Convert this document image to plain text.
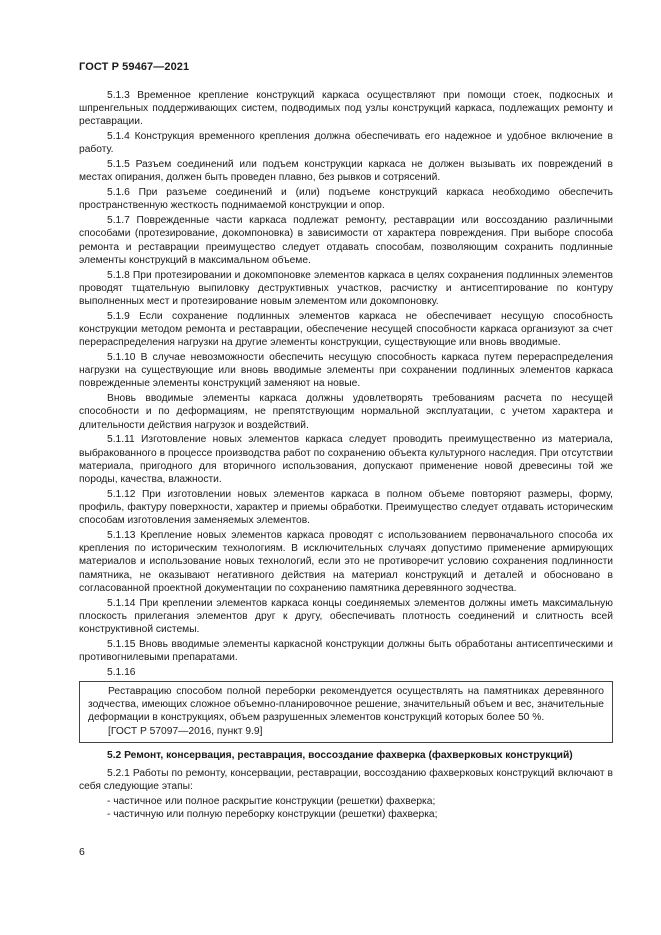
ГОСТ Р 59467—2021

5.1.3 Временное крепление конструкций каркаса осуществляют при помощи стоек, подкосных и шпренгельных поддерживающих систем, подводимых под узлы конструкций каркаса, подлежащих ремонту и реставрации.

5.1.4 Конструкция временного крепления должна обеспечивать его надежное и удобное включение в работу.

5.1.5 Разъем соединений или подъем конструкции каркаса не должен вызывать их повреждений в местах опирания, должен быть проведен плавно, без рывков и сотрясений.

5.1.6 При разъеме соединений и (или) подъеме конструкций каркаса необходимо обеспечить пространственную жесткость поднимаемой конструкции и опор.

5.1.7 Поврежденные части каркаса подлежат ремонту, реставрации или воссозданию различными способами (протезирование, докомпоновка) в зависимости от характера повреждения. При выборе способа ремонта и реставрации преимущество следует отдавать способам, позволяющим сохранить подлинные элементы конструкций в максимальном объеме.

5.1.8 При протезировании и докомпоновке элементов каркаса в целях сохранения подлинных элементов проводят тщательную выпиловку деструктивных участков, расчистку и антисептирование по контуру выполненных мест и протезирование новым элементом или докомпоновку.

5.1.9 Если сохранение подлинных элементов каркаса не обеспечивает несущую способность конструкции методом ремонта и реставрации, обеспечение несущей способности каркаса организуют за счет перераспределения нагрузки на другие элементы конструкции, существующие или вновь вводимые.

5.1.10 В случае невозможности обеспечить несущую способность каркаса путем перераспределения нагрузки на существующие или вновь вводимые элементы при сохранении подлинных элементов каркаса поврежденные элементы конструкций заменяют на новые.

Вновь вводимые элементы каркаса должны удовлетворять требованиям расчета по несущей способности и по деформациям, не препятствующим нормальной эксплуатации, с учетом характера и длительности действия нагрузок и воздействий.

5.1.11 Изготовление новых элементов каркаса следует проводить преимущественно из материала, выбракованного в процессе производства работ по сохранению объекта культурного наследия. При отсутствии материала, пригодного для вторичного использования, допускают применение новой древесины той же породы, качества, влажности.

5.1.12 При изготовлении новых элементов каркаса в полном объеме повторяют размеры, форму, профиль, фактуру поверхности, характер и приемы обработки. Преимущество следует отдавать историческим способам изготовления заменяемых элементов.

5.1.13 Крепление новых элементов каркаса проводят с использованием первоначального способа их крепления по историческим технологиям. В исключительных случаях допустимо применение армирующих материалов и использование новых технологий, если это не противоречит условию сохранения подлинности памятника, не оказывают негативного действия на материал конструкций и деталей и обосновано в согласованной проектной документации по сохранению памятника деревянного зодчества.

5.1.14 При креплении элементов каркаса концы соединяемых элементов должны иметь максимальную плоскость прилегания элементов друг к другу, обеспечивать плотность соединений и слитность всей конструктивной системы.

5.1.15 Вновь вводимые элементы каркасной конструкции должны быть обработаны антисептическими и противогнилевыми препаратами.

5.1.16

Реставрацию способом полной переборки рекомендуется осуществлять на памятниках деревянного зодчества, имеющих сложное объемно-планировочное решение, значительный объем и вес, значительные деформации в конструкциях, объем разрушенных элементов конструкций которых более 50 %.

[ГОСТ Р 57097—2016, пункт 9.9]

5.2 Ремонт, консервация, реставрация, воссоздание фахверка (фахверковых конструкций)

5.2.1 Работы по ремонту, консервации, реставрации, воссозданию фахверковых конструкций включают в себя следующие этапы:

- частичное или полное раскрытие конструкции (решетки) фахверка;

- частичную или полную переборку конструкции (решетки) фахверка;

6
